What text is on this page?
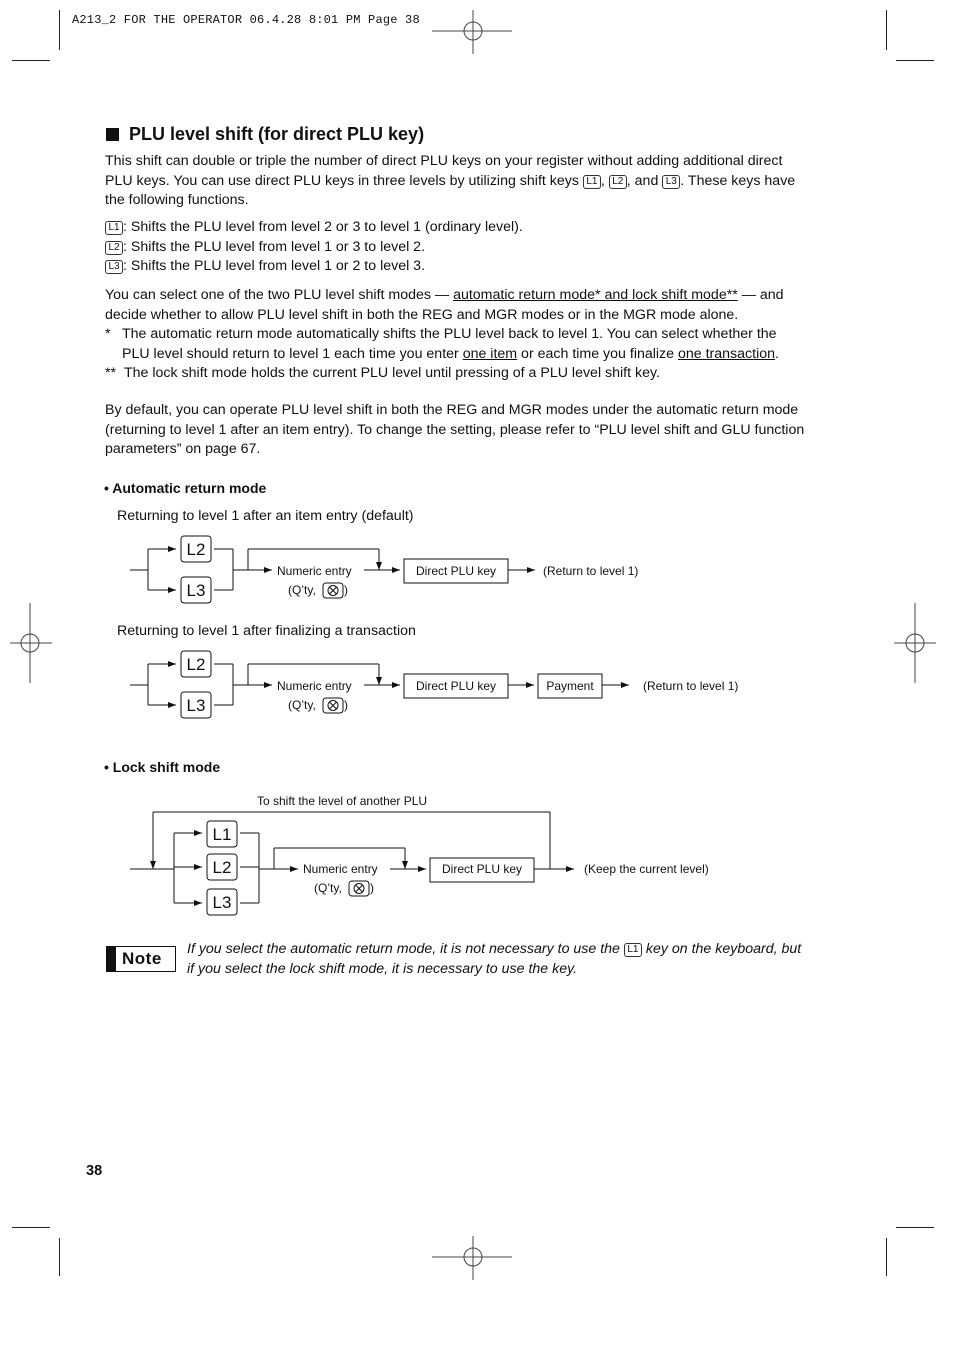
A213_2 FOR THE OPERATOR 06.4.28 8:01 PM Page 38
PLU level shift (for direct PLU key)
This shift can double or triple the number of direct PLU keys on your register without adding additional direct
PLU keys. You can use direct PLU keys in three levels by utilizing shift keys L1 , L2 , and L3 . These keys have
the following functions.
L1 : Shifts the PLU level from level 2 or 3 to level 1 (ordinary level).
L2 : Shifts the PLU level from level 1 or 3 to level 2.
L3 : Shifts the PLU level from level 1 or 2 to level 3.
You can select one of the two PLU level shift modes — automatic return mode* and lock shift mode** — and
decide whether to allow PLU level shift in both the REG and MGR modes or in the MGR mode alone.
* The automatic return mode automatically shifts the PLU level back to level 1. You can select whether the
PLU level should return to level 1 each time you enter one item or each time you finalize one transaction.
** The lock shift mode holds the current PLU level until pressing of a PLU level shift key.
By default, you can operate PLU level shift in both the REG and MGR modes under the automatic return mode
(returning to level 1 after an item entry). To change the setting, please refer to “PLU level shift and GLU function
parameters” on page 67.
• Automatic return mode
Returning to level 1 after an item entry (default)
L2
L3
Numeric entry
(Q’ty, )
Direct PLU key	(Return to level 1)
Returning to level 1 after finalizing a transaction
L2
L3
Numeric entry
(Q’ty, )
Direct PLU key	Payment	(Return to level 1)
• Lock shift mode
To shift the level of another PLU
L1
L2
L3
Numeric entry
(Q’ty, )
Direct PLU key	(Keep the current level)
Note If you select the automatic return mode, it is not necessary to use the L1 key on the keyboard, but
if you select the lock shift mode, it is necessary to use the key.
38
